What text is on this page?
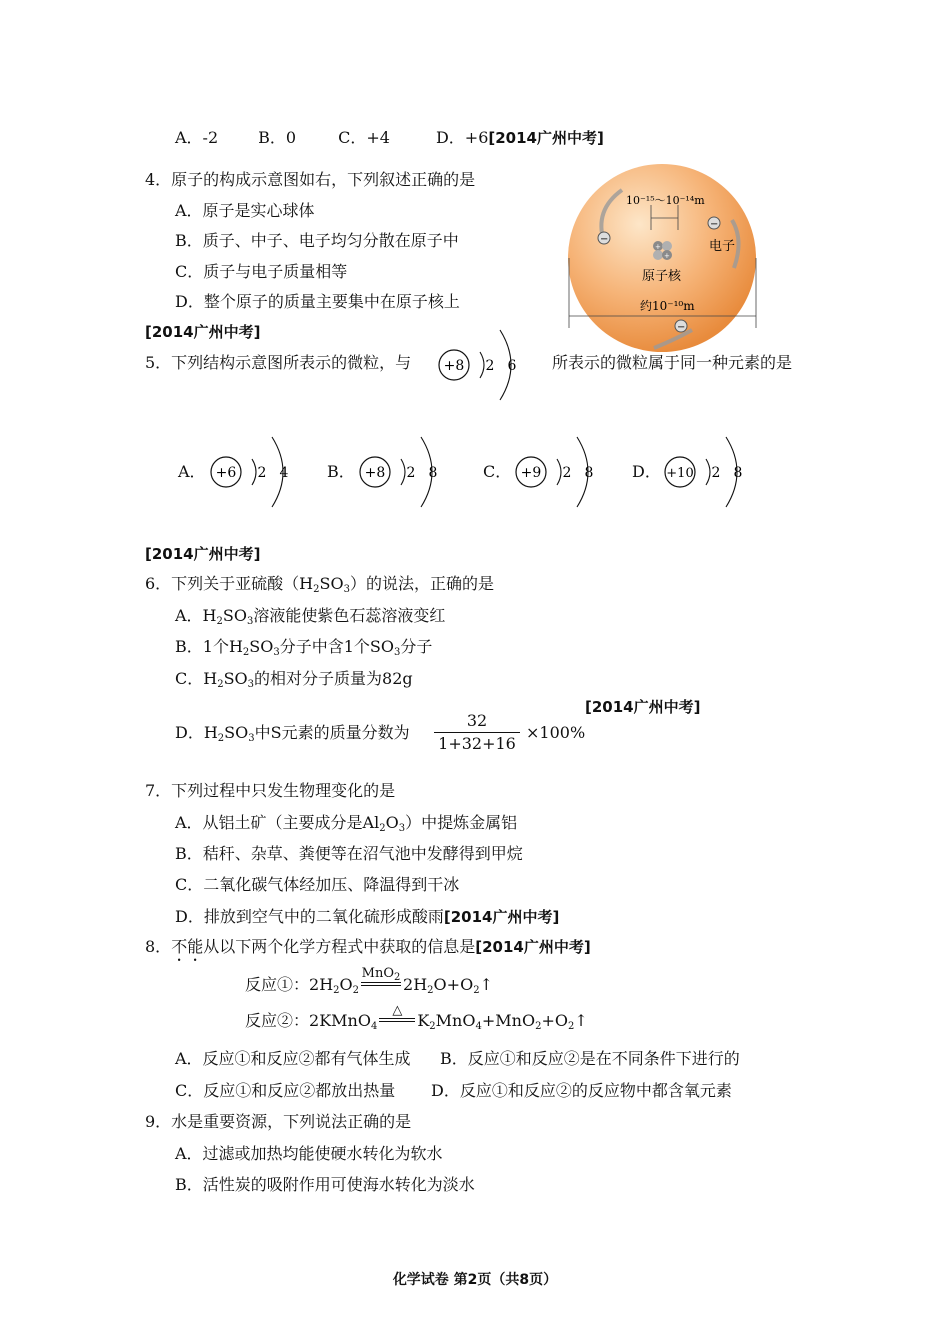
A．-2	B．0	C．+4	D．+6[2014广州中考]
4．原子的构成示意图如右，下列叙述正确的是
A．原子是实心球体
B．质子、中子、电子均匀分散在原子中
C．质子与电子质量相等
D．整个原子的质量主要集中在原子核上
[2014广州中考]
10⁻¹⁵～10⁻¹⁴m
+
+
原子核
−
−
−
电子
约10⁻¹⁰m
5．下列结构示意图所表示的微粒，与 +8 2 6 所表示的微粒属于同一种元素的是
A． +6 2 4 B． +8 2 8	C． +9 2 8 D． +10 2 8
[2014广州中考]
6．下列关于亚硫酸$(H_2SO_3)$的说法，正确的是
A．$H_2SO_3$溶液能使紫色石蕊溶液变红
B．1个$H_2SO_3$分子中含1个$SO_3$分子
C．$H_2SO_3$的相对分子质量为82g
[2014广州中考]
D．$H_2SO_3$中S元素的质量分数为
32
1+32+16
×100%
7．下列过程中只发生物理变化的是
A．从铝土矿（主要成分是$Al_2O_3$）中提炼金属铝
B．秸秆、杂草、粪便等在沼气池中发酵得到甲烷
C．二氧化碳气体经加压、降温得到干冰
D．排放到空气中的二氧化硫形成酸雨[2014广州中考]
8．不能从以下两个化学方程式中获取的信息是[2014广州中考]
反应①：$2H_2O_2$
MnO$_2$ $2H_2O+O_2↑$
反应②：2KMnO$_4$
△
$K_2MnO_4+MnO_2+O_2↑$
A．反应①和反应②都有气体生成 B．反应①和反应②是在不同条件下进行的
C．反应①和反应②都放出热量 D．反应①和反应②的反应物中都含氧元素
9．水是重要资源，下列说法正确的是
A．过滤或加热均能使硬水转化为软水
B．活性炭的吸附作用可使海水转化为淡水
化学试卷 第2页（共8页）
